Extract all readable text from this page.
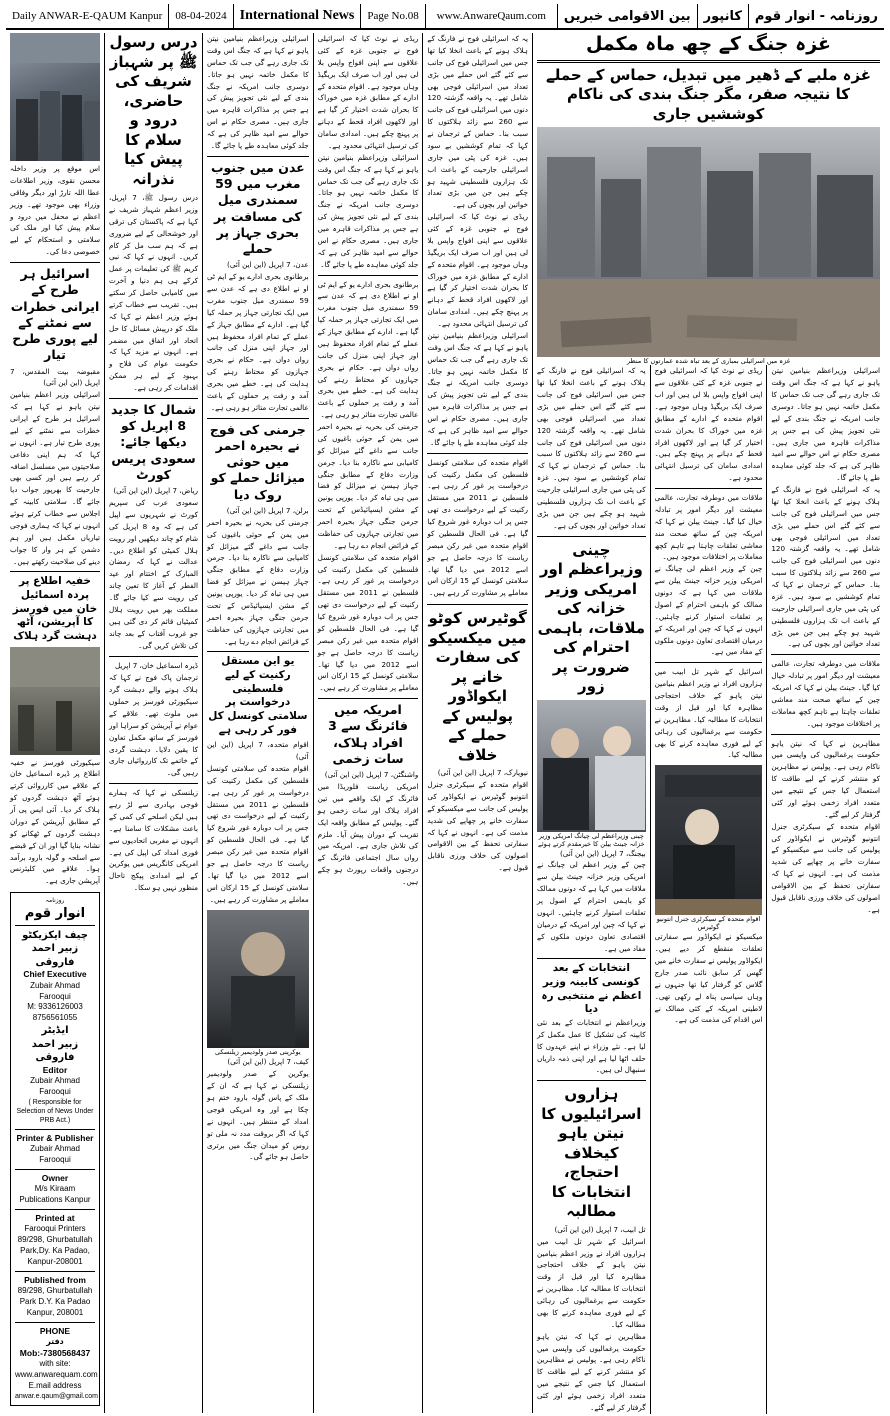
Daily ANWAR-E-QAUM Kanpur	08-04-2024 International News	Page No.08	www.AnwareQaum.com	بین الاقوامی خبریں	کانپور	روزنامہ
-
انوار قوم
اس موقع پر وزیر داخلہ محسن نقوی، وزیر اطلاعات عطا اللہ تارڑ اور دیگر وفاقی وزراء بھی موجود تھے۔ وزیر اعظم نے محفل میں درود و سلام پیش کیا اور ملک کی سلامتی و استحکام کے لیے خصوصی دعا کی۔
اسرائیل ہر طرح کے ایرانی خطرات سے نمٹنے کے لیے پوری طرح تیار
مقبوضہ بیت المقدس، 7 اپریل (این این آئی)
اسرائیلی وزیر اعظم بنیامین نیتن یاہو نے کہا ہے کہ اسرائیل ہر طرح کے ایرانی خطرات سے نمٹنے کے لیے پوری طرح تیار ہے۔ انہوں نے کہا کہ ہم اپنی دفاعی صلاحیتوں میں مسلسل اضافہ کر رہے ہیں اور کسی بھی جارحیت کا بھرپور جواب دیا جائے گا۔ سلامتی کابینہ کے اجلاس سے خطاب کرتے ہوئے انہوں نے کہا کہ ہماری فوجی تیاریاں مکمل ہیں اور ہم دشمن کے ہر وار کا جواب دینے کی صلاحیت رکھتے ہیں۔
خفیہ اطلاع پر پردہ اسمائیل خان میں فورسز کا آپریشن، آٹھ دہشت گرد ہلاک
سیکیورٹی فورسز نے خفیہ اطلاع پر ڈیرہ اسماعیل خان کے علاقے میں کارروائی کرتے ہوئے آٹھ دہشت گردوں کو ہلاک کر دیا۔ آئی ایس پی آر کے مطابق آپریشن کے دوران دہشت گردوں کے ٹھکانے کو نشانہ بنایا گیا اور ان کے قبضے سے اسلحہ و گولہ بارود برآمد ہوا۔ علاقے میں کلیئرنس آپریشن جاری ہے۔
روزنامہ
انوار قوم
چیف ایکزیکٹو
زبیر احمد فاروقی
Chief Executive
Zubair Ahmad Farooqui
M: 9336126003
8756561055
ایڈیٹر
زبیر احمد فاروقی
Editor
Zubair Ahmad Farooqui
( Responsible for Selection of News Under PRB Act.)
Printer & Publisher
Zubair Ahmad Farooqui
Owner
M/s Kiraam Publications Kanpur
Printed at
Farooqui Printers 89/298, Ghurbatullah Park,Dy. Ka Padao, Kanpur-208001
Published from
89/298, Ghurbatullah Park D.Y. Ka Padao Kanpur, 208001
PHONE
دفتر
Mob:-7380568437
with site:
www.anwarequam.com
E.mail address
anwar.e.qaum@gmail.com
درس رسول ﷺ پر شہباز شریف کی حاضری، درود و سلام کا پیش کیا نذرانہ
درس رسول ﷺ، 7 اپریل، وزیر اعظم شہباز شریف نے کہا ہے کہ پاکستان کی ترقی اور خوشحالی کے لیے ضروری ہے کہ ہم سب مل کر کام کریں۔ انہوں نے کہا کہ نبی کریم ﷺ کی تعلیمات پر عمل کرکے ہی ہم دنیا و آخرت میں کامیابی حاصل کر سکتے ہیں۔ تقریب سے خطاب کرتے ہوئے وزیر اعظم نے کہا کہ ملک کو درپیش مسائل کا حل اتحاد اور اتفاق میں مضمر ہے۔ انہوں نے مزید کہا کہ حکومت عوام کی فلاح و بہبود کے لیے ہر ممکن اقدامات کر رہی ہے۔
شمال کا جدید 8 اپریل کو دیکھا جائے: سعودی پریس کورٹ
ریاض، 7 اپریل (این این آئی)
سعودی عرب کی سپریم کورٹ نے شہریوں سے اپیل کی ہے کہ وہ 8 اپریل کی شام کو چاند دیکھیں اور رویت ہلال کمیٹی کو اطلاع دیں۔ عدالت نے کہا کہ رمضان المبارک کے اختتام اور عید الفطر کے آغاز کا تعین چاند کی رویت سے کیا جائے گا۔ مملکت بھر میں رویت ہلال کمیٹیاں قائم کر دی گئی ہیں جو غروب آفتاب کے بعد چاند کی تلاش کریں گی۔
ڈیرہ اسماعیل خان، 7 اپریل
ترجمان پاک فوج نے کہا کہ ہلاک ہونے والے دہشت گرد سیکیورٹی فورسز پر حملوں میں ملوث تھے۔ علاقے کے عوام نے آپریشن کو سراہا اور فورسز کے ساتھ مکمل تعاون کا یقین دلایا۔ دہشت گردی کے خاتمے تک کارروائیاں جاری رہیں گی۔
زیلنسکی نے کہا کہ ہمارے فوجی بہادری سے لڑ رہے ہیں لیکن اسلحے کی کمی کے باعث مشکلات کا سامنا ہے۔ انہوں نے مغربی اتحادیوں سے فوری امداد کی اپیل کی ہے۔ امریکی کانگریس میں یوکرین کے لیے امدادی پیکج تاحال منظور نہیں ہو سکا۔
اسرائیلی وزیراعظم بنیامین نیتن یاہو نے کہا ہے کہ جنگ اس وقت تک جاری رہے گی جب تک حماس کا مکمل خاتمہ نہیں ہو جاتا۔ دوسری جانب امریکہ نے جنگ بندی کے لیے نئی تجویز پیش کی ہے جس پر مذاکرات قاہرہ میں جاری ہیں۔ مصری حکام نے اس حوالے سے امید ظاہر کی ہے کہ جلد کوئی معاہدہ طے پا جائے گا۔
عدن میں جنوب مغرب میں 59 سمندری میل کی مسافت پر بحری جہاز پر حملے
عدن، 7 اپریل (این این آئی)
برطانوی بحری ادارے یو کے ایم ٹی او نے اطلاع دی ہے کہ عدن سے 59 سمندری میل جنوب مغرب میں ایک تجارتی جہاز پر حملہ کیا گیا ہے۔ ادارے کے مطابق جہاز کے عملے کے تمام افراد محفوظ ہیں اور جہاز اپنی منزل کی جانب رواں دواں ہے۔ حکام نے بحری جہازوں کو محتاط رہنے کی ہدایت کی ہے۔ خطے میں بحری آمد و رفت پر حملوں کے باعث عالمی تجارت متاثر ہو رہی ہے۔
جرمنی کی فوج نے بحیرہ احمر میں حوثی میزائل حملے کو روک دیا
برلن، 7 اپریل (این این آئی)
جرمنی کی بحریہ نے بحیرہ احمر میں یمن کے حوثی باغیوں کی جانب سے داغے گئے میزائل کو کامیابی سے ناکارہ بنا دیا۔ جرمن وزارت دفاع کے مطابق جنگی جہاز ہیسن نے میزائل کو فضا میں ہی تباہ کر دیا۔ یورپی یونین کے مشن ایسپائیڈس کے تحت جرمن جنگی جہاز بحیرہ احمر میں تجارتی جہازوں کی حفاظت کے فرائض انجام دے رہا ہے۔
یو این مستقل رکنیت کے لیے فلسطینی درخواست پر سلامتی کونسل کل فور کر رہی ہے
اقوام متحدہ، 7 اپریل (این این آئی)
اقوام متحدہ کی سلامتی کونسل فلسطین کی مکمل رکنیت کی درخواست پر غور کر رہی ہے۔ فلسطین نے 2011 میں مستقل رکنیت کے لیے درخواست دی تھی جس پر اب دوبارہ غور شروع کیا گیا ہے۔ فی الحال فلسطین کو اقوام متحدہ میں غیر رکن مبصر ریاست کا درجہ حاصل ہے جو اسے 2012 میں دیا گیا تھا۔ سلامتی کونسل کے 15 ارکان اس معاملے پر مشاورت کر رہے ہیں۔
یوکرینی صدر ولودیمیر زیلنسکی
کیف، 7 اپریل (این این آئی)
یوکرین کے صدر ولودیمیر زیلنسکی نے کہا ہے کہ ان کے ملک کے پاس گولہ بارود ختم ہو چکا ہے اور وہ امریکی فوجی امداد کے منتظر ہیں۔ انہوں نے کہا کہ اگر بروقت مدد نہ ملی تو روس کو میدان جنگ میں برتری حاصل ہو جائے گی۔
ریڈی نے نوٹ کیا کہ اسرائیلی فوج نے جنوبی غزہ کے کئی علاقوں سے اپنی افواج واپس بلا لی ہیں اور اب صرف ایک بریگیڈ وہاں موجود ہے۔ اقوام متحدہ کے ادارے کے مطابق غزہ میں خوراک کا بحران شدت اختیار کر گیا ہے اور لاکھوں افراد قحط کے دہانے پر پہنچ چکے ہیں۔ امدادی سامان کی ترسیل انتہائی محدود ہے۔
اسرائیلی وزیراعظم بنیامین نیتن یاہو نے کہا ہے کہ جنگ اس وقت تک جاری رہے گی جب تک حماس کا مکمل خاتمہ نہیں ہو جاتا۔ دوسری جانب امریکہ نے جنگ بندی کے لیے نئی تجویز پیش کی ہے جس پر مذاکرات قاہرہ میں جاری ہیں۔ مصری حکام نے اس حوالے سے امید ظاہر کی ہے کہ جلد کوئی معاہدہ طے پا جائے گا۔
برطانوی بحری ادارے یو کے ایم ٹی او نے اطلاع دی ہے کہ عدن سے 59 سمندری میل جنوب مغرب میں ایک تجارتی جہاز پر حملہ کیا گیا ہے۔ ادارے کے مطابق جہاز کے عملے کے تمام افراد محفوظ ہیں اور جہاز اپنی منزل کی جانب رواں دواں ہے۔ حکام نے بحری جہازوں کو محتاط رہنے کی ہدایت کی ہے۔ خطے میں بحری آمد و رفت پر حملوں کے باعث عالمی تجارت متاثر ہو رہی ہے۔
جرمنی کی بحریہ نے بحیرہ احمر میں یمن کے حوثی باغیوں کی جانب سے داغے گئے میزائل کو کامیابی سے ناکارہ بنا دیا۔ جرمن وزارت دفاع کے مطابق جنگی جہاز ہیسن نے میزائل کو فضا میں ہی تباہ کر دیا۔ یورپی یونین کے مشن ایسپائیڈس کے تحت جرمن جنگی جہاز بحیرہ احمر میں تجارتی جہازوں کی حفاظت کے فرائض انجام دے رہا ہے۔
اقوام متحدہ کی سلامتی کونسل فلسطین کی مکمل رکنیت کی درخواست پر غور کر رہی ہے۔ فلسطین نے 2011 میں مستقل رکنیت کے لیے درخواست دی تھی جس پر اب دوبارہ غور شروع کیا گیا ہے۔ فی الحال فلسطین کو اقوام متحدہ میں غیر رکن مبصر ریاست کا درجہ حاصل ہے جو اسے 2012 میں دیا گیا تھا۔ سلامتی کونسل کے 15 ارکان اس معاملے پر مشاورت کر رہے ہیں۔
امریکہ میں فائرنگ سے 3 افراد ہلاک، سات زخمی
واشنگٹن، 7 اپریل (این این آئی)
امریکی ریاست فلوریڈا میں فائرنگ کے ایک واقعے میں تین افراد ہلاک اور سات زخمی ہو گئے۔ پولیس کے مطابق واقعہ ایک تقریب کے دوران پیش آیا۔ ملزم کی تلاش جاری ہے۔ امریکہ میں رواں سال اجتماعی فائرنگ کے درجنوں واقعات رپورٹ ہو چکے ہیں۔
یہ کہ اسرائیلی فوج نے فارنگ کے ہلاک ہونے کے باعث انخلا کیا تھا جس میں اسرائیلی فوج کی جانب سے کئے گئے اس حملے میں بڑی تعداد میں اسرائیلی فوجی بھی شامل تھے۔ یہ واقعہ گزشتہ 120 دنوں میں اسرائیلی فوج کی جانب سے 260 سے زائد ہلاکتوں کا سبب بنا۔ حماس کے ترجمان نے کہا کہ تمام کوششیں بے سود ہیں۔ غزہ کی پٹی میں جاری اسرائیلی جارحیت کے باعث اب تک ہزاروں فلسطینی شہید ہو چکے ہیں جن میں بڑی تعداد خواتین اور بچوں کی ہے۔
ریڈی نے نوٹ کیا کہ اسرائیلی فوج نے جنوبی غزہ کے کئی علاقوں سے اپنی افواج واپس بلا لی ہیں اور اب صرف ایک بریگیڈ وہاں موجود ہے۔ اقوام متحدہ کے ادارے کے مطابق غزہ میں خوراک کا بحران شدت اختیار کر گیا ہے اور لاکھوں افراد قحط کے دہانے پر پہنچ چکے ہیں۔ امدادی سامان کی ترسیل انتہائی محدود ہے۔
اسرائیلی وزیراعظم بنیامین نیتن یاہو نے کہا ہے کہ جنگ اس وقت تک جاری رہے گی جب تک حماس کا مکمل خاتمہ نہیں ہو جاتا۔ دوسری جانب امریکہ نے جنگ بندی کے لیے نئی تجویز پیش کی ہے جس پر مذاکرات قاہرہ میں جاری ہیں۔ مصری حکام نے اس حوالے سے امید ظاہر کی ہے کہ جلد کوئی معاہدہ طے پا جائے گا۔
اقوام متحدہ کی سلامتی کونسل فلسطین کی مکمل رکنیت کی درخواست پر غور کر رہی ہے۔ فلسطین نے 2011 میں مستقل رکنیت کے لیے درخواست دی تھی جس پر اب دوبارہ غور شروع کیا گیا ہے۔ فی الحال فلسطین کو اقوام متحدہ میں غیر رکن مبصر ریاست کا درجہ حاصل ہے جو اسے 2012 میں دیا گیا تھا۔ سلامتی کونسل کے 15 ارکان اس معاملے پر مشاورت کر رہے ہیں۔
گوٹیرس کوٹو میں میکسیکو کی سفارت خانے پر ایکواڈور پولیس کے حملے کے خلاف
نیویارک، 7 اپریل (این این آئی)
اقوام متحدہ کے سیکرٹری جنرل انتونیو گوٹیرس نے ایکواڈور کی پولیس کی جانب سے میکسیکو کے سفارت خانے پر چھاپے کی شدید مذمت کی ہے۔ انہوں نے کہا کہ سفارتی تحفظ کے بین الاقوامی اصولوں کی خلاف ورزی ناقابل قبول ہے۔
غزہ جنگ کے چھ ماہ مکمل
غزہ ملبے کے ڈھیر میں تبدیل، حماس کے حملے کا نتیجہ صفر، مگر جنگ بندی کی ناکام کوششیں جاری
غزہ میں اسرائیلی بمباری کے بعد تباہ شدہ عمارتوں کا منظر
یہ کہ اسرائیلی فوج نے فارنگ کے ہلاک ہونے کے باعث انخلا کیا تھا جس میں اسرائیلی فوج کی جانب سے کئے گئے اس حملے میں بڑی تعداد میں اسرائیلی فوجی بھی شامل تھے۔ یہ واقعہ گزشتہ 120 دنوں میں اسرائیلی فوج کی جانب سے 260 سے زائد ہلاکتوں کا سبب بنا۔ حماس کے ترجمان نے کہا کہ تمام کوششیں بے سود ہیں۔ غزہ کی پٹی میں جاری اسرائیلی جارحیت کے باعث اب تک ہزاروں فلسطینی شہید ہو چکے ہیں جن میں بڑی تعداد خواتین اور بچوں کی ہے۔
چینی وزیراعظم اور امریکی وزیر خزانہ کی ملاقات، باہمی احترام کی ضرورت پر زور
چینی وزیراعظم لی چیانگ امریکی وزیر خزانہ جینٹ ییلن کا خیرمقدم کرتے ہوئے
بیجنگ، 7 اپریل (این این آئی)
چین کے وزیر اعظم لی چیانگ نے امریکی وزیر خزانہ جینٹ ییلن سے ملاقات میں کہا ہے کہ دونوں ممالک کو باہمی احترام کے اصول پر تعلقات استوار کرنے چاہئیں۔ انہوں نے کہا کہ چین اور امریکہ کے درمیان اقتصادی تعاون دونوں ملکوں کے مفاد میں ہے۔
انتخابات کے بعد کونسی کابینہ وزیر اعظم نے منتخبی رہ دیا
وزیراعظم نے انتخابات کے بعد نئی کابینہ کی تشکیل کا عمل مکمل کر لیا ہے۔ نئے وزراء نے اپنے عہدوں کا حلف اٹھا لیا ہے اور اپنی ذمہ داریاں سنبھال لی ہیں۔
ہزاروں اسرائیلیوں کا نیتن یاہو کیخلاف احتجاج، انتخابات کا مطالبہ
تل ابیب، 7 اپریل (این این آئی)
اسرائیل کے شہر تل ابیب میں ہزاروں افراد نے وزیر اعظم بنیامین نیتن یاہو کے خلاف احتجاجی مظاہرہ کیا اور قبل از وقت انتخابات کا مطالبہ کیا۔ مظاہرین نے حکومت سے یرغمالیوں کی رہائی کے لیے فوری معاہدہ کرنے کا بھی مطالبہ کیا۔
مظاہرین نے کہا کہ نیتن یاہو حکومت یرغمالیوں کی واپسی میں ناکام رہی ہے۔ پولیس نے مظاہرین کو منتشر کرنے کے لیے طاقت کا استعمال کیا جس کے نتیجے میں متعدد افراد زخمی ہوئے اور کئی گرفتار کر لیے گئے۔
ریڈی نے نوٹ کیا کہ اسرائیلی فوج نے جنوبی غزہ کے کئی علاقوں سے اپنی افواج واپس بلا لی ہیں اور اب صرف ایک بریگیڈ وہاں موجود ہے۔ اقوام متحدہ کے ادارے کے مطابق غزہ میں خوراک کا بحران شدت اختیار کر گیا ہے اور لاکھوں افراد قحط کے دہانے پر پہنچ چکے ہیں۔ امدادی سامان کی ترسیل انتہائی محدود ہے۔
ملاقات میں دوطرفہ تجارت، عالمی معیشت اور دیگر امور پر تبادلہ خیال کیا گیا۔ جینٹ ییلن نے کہا کہ امریکہ چین کے ساتھ صحت مند معاشی تعلقات چاہتا ہے تاہم کچھ معاملات پر اختلافات موجود ہیں۔
چین کے وزیر اعظم لی چیانگ نے امریکی وزیر خزانہ جینٹ ییلن سے ملاقات میں کہا ہے کہ دونوں ممالک کو باہمی احترام کے اصول پر تعلقات استوار کرنے چاہئیں۔ انہوں نے کہا کہ چین اور امریکہ کے درمیان اقتصادی تعاون دونوں ملکوں کے مفاد میں ہے۔
اسرائیل کے شہر تل ابیب میں ہزاروں افراد نے وزیر اعظم بنیامین نیتن یاہو کے خلاف احتجاجی مظاہرہ کیا اور قبل از وقت انتخابات کا مطالبہ کیا۔ مظاہرین نے حکومت سے یرغمالیوں کی رہائی کے لیے فوری معاہدہ کرنے کا بھی مطالبہ کیا۔
اقوام متحدہ کے سیکرٹری جنرل انتونیو گوٹیرس
میکسیکو نے ایکواڈور سے سفارتی تعلقات منقطع کر دیے ہیں۔ ایکواڈور پولیس نے سفارت خانے میں گھس کر سابق نائب صدر جارج گلاس کو گرفتار کیا تھا جنہوں نے وہاں سیاسی پناہ لے رکھی تھی۔ لاطینی امریکہ کے کئی ممالک نے اس اقدام کی مذمت کی ہے۔
اسرائیلی وزیراعظم بنیامین نیتن یاہو نے کہا ہے کہ جنگ اس وقت تک جاری رہے گی جب تک حماس کا مکمل خاتمہ نہیں ہو جاتا۔ دوسری جانب امریکہ نے جنگ بندی کے لیے نئی تجویز پیش کی ہے جس پر مذاکرات قاہرہ میں جاری ہیں۔ مصری حکام نے اس حوالے سے امید ظاہر کی ہے کہ جلد کوئی معاہدہ طے پا جائے گا۔
یہ کہ اسرائیلی فوج نے فارنگ کے ہلاک ہونے کے باعث انخلا کیا تھا جس میں اسرائیلی فوج کی جانب سے کئے گئے اس حملے میں بڑی تعداد میں اسرائیلی فوجی بھی شامل تھے۔ یہ واقعہ گزشتہ 120 دنوں میں اسرائیلی فوج کی جانب سے 260 سے زائد ہلاکتوں کا سبب بنا۔ حماس کے ترجمان نے کہا کہ تمام کوششیں بے سود ہیں۔ غزہ کی پٹی میں جاری اسرائیلی جارحیت کے باعث اب تک ہزاروں فلسطینی شہید ہو چکے ہیں جن میں بڑی تعداد خواتین اور بچوں کی ہے۔
ملاقات میں دوطرفہ تجارت، عالمی معیشت اور دیگر امور پر تبادلہ خیال کیا گیا۔ جینٹ ییلن نے کہا کہ امریکہ چین کے ساتھ صحت مند معاشی تعلقات چاہتا ہے تاہم کچھ معاملات پر اختلافات موجود ہیں۔
مظاہرین نے کہا کہ نیتن یاہو حکومت یرغمالیوں کی واپسی میں ناکام رہی ہے۔ پولیس نے مظاہرین کو منتشر کرنے کے لیے طاقت کا استعمال کیا جس کے نتیجے میں متعدد افراد زخمی ہوئے اور کئی گرفتار کر لیے گئے۔
اقوام متحدہ کے سیکرٹری جنرل انتونیو گوٹیرس نے ایکواڈور کی پولیس کی جانب سے میکسیکو کے سفارت خانے پر چھاپے کی شدید مذمت کی ہے۔ انہوں نے کہا کہ سفارتی تحفظ کے بین الاقوامی اصولوں کی خلاف ورزی ناقابل قبول ہے۔
